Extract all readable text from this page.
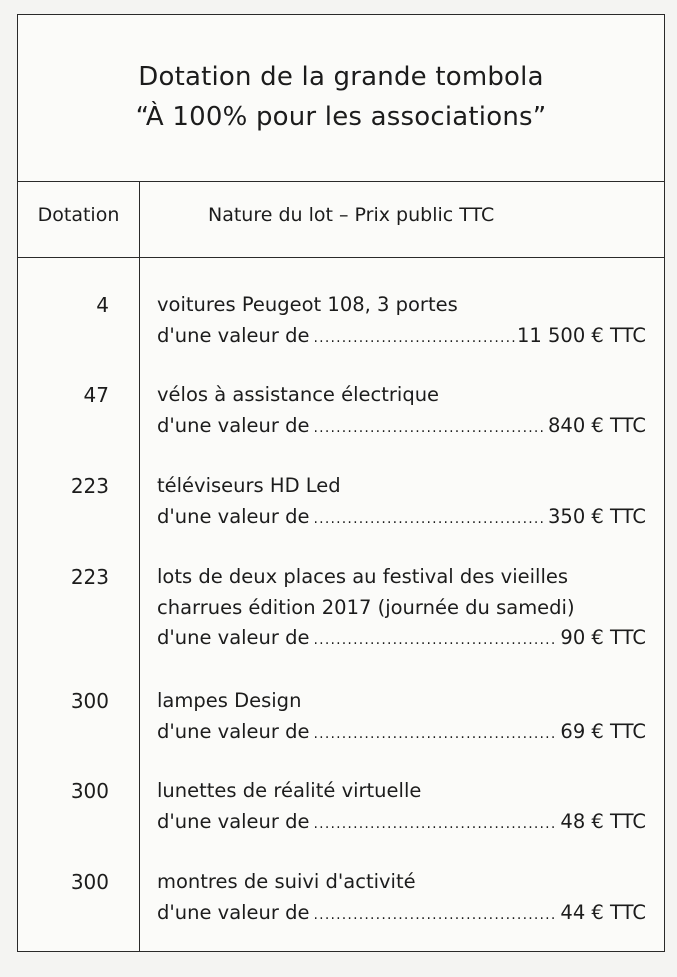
Dotation de la grande tombola
“À 100% pour les associations”
Dotation	Nature du lot – Prix public TTC
4 voitures Peugeot 108, 3 portes
d'une valeur de .....	11 500 € TTC
47 vélos à assistance électrique
d'une valeur de .....	840 € TTC
223 téléviseurs HD Led
d'une valeur de .....	350 € TTC
223 lots de deux places au festival des vieilles
charrues édition 2017 (journée du samedi)
d'une valeur de .....	90 € TTC
300 lampes Design
d'une valeur de .....	69 € TTC
300 lunettes de réalité virtuelle
d'une valeur de .....	48 € TTC
300 montres de suivi d'activité
d'une valeur de .....	44 € TTC
